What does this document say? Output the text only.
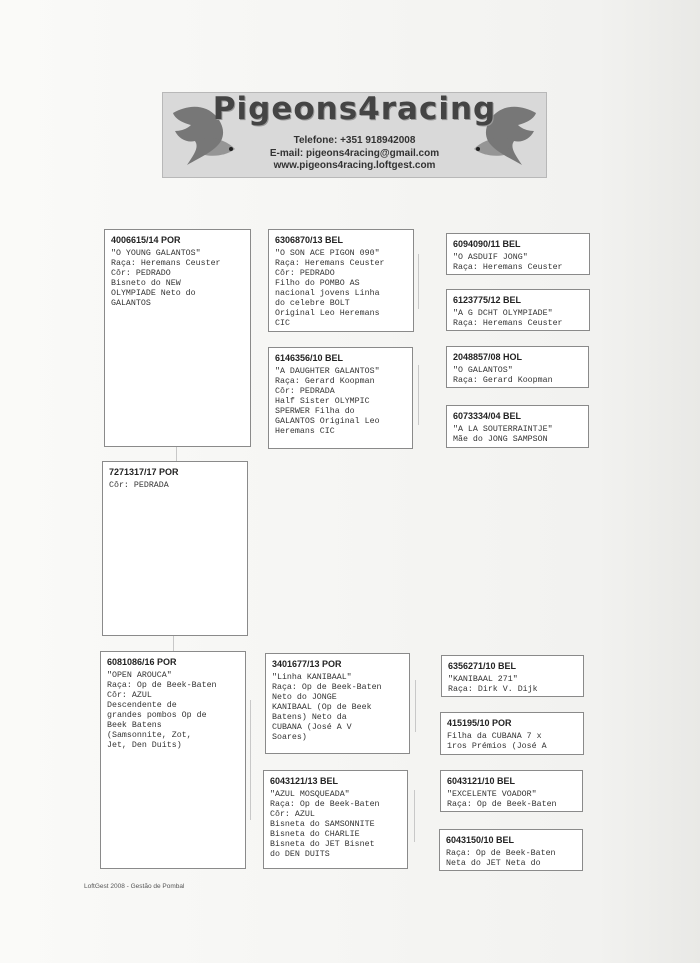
Pigeons4racing
Telefone: +351 918942008
E-mail: pigeons4racing@gmail.com
www.pigeons4racing.loftgest.com
4006615/14 POR
"O YOUNG GALANTOS"
Raça: Heremans Ceuster
Côr: PEDRADO
Bisneto do NEW
OLYMPIADE Neto do
GALANTOS
7271317/17 POR
Côr: PEDRADA
6081086/16 POR
"OPEN AROUCA"
Raça: Op de Beek-Baten
Côr: AZUL
Descendente de
grandes pombos Op de
Beek Batens
(Samsonnite, Zot,
Jet, Den Duits)
6306870/13 BEL
"O SON ACE PIGON 090"
Raça: Heremans Ceuster
Côr: PEDRADO
Filho do POMBO AS
nacional jovens Linha
do celebre BOLT
Original Leo Heremans
CIC
6146356/10 BEL
"A DAUGHTER GALANTOS"
Raça: Gerard Koopman
Côr: PEDRADA
Half Sister OLYMPIC
SPERWER Filha do
GALANTOS Original Leo
Heremans CIC
3401677/13 POR
"Linha KANIBAAL"
Raça: Op de Beek-Baten
Neto do JONGE
KANIBAAL (Op de Beek
Batens) Neto da
CUBANA (José A V
Soares)
6043121/13 BEL
"AZUL MOSQUEADA"
Raça: Op de Beek-Baten
Côr: AZUL
Bisneta do SAMSONNITE
Bisneta do CHARLIE
Bisneta do JET Bisnet
do DEN DUITS
6094090/11 BEL
"O ASDUIF JONG"
Raça: Heremans Ceuster
6123775/12 BEL
"A G DCHT OLYMPIADE"
Raça: Heremans Ceuster
2048857/08 HOL
"O GALANTOS"
Raça: Gerard Koopman
6073334/04 BEL
"A LA SOUTERRAINTJE"
Mãe do JONG SAMPSON
6356271/10 BEL
"KANIBAAL 271"
Raça: Dirk V. Dijk
415195/10 POR
Filha da CUBANA 7 x
1ros Prémios (José A
6043121/10 BEL
"EXCELENTE VOADOR"
Raça: Op de Beek-Baten
6043150/10 BEL
Raça: Op de Beek-Baten
Neta do JET Neta do
LoftGest 2008 - Gestão de Pombal
